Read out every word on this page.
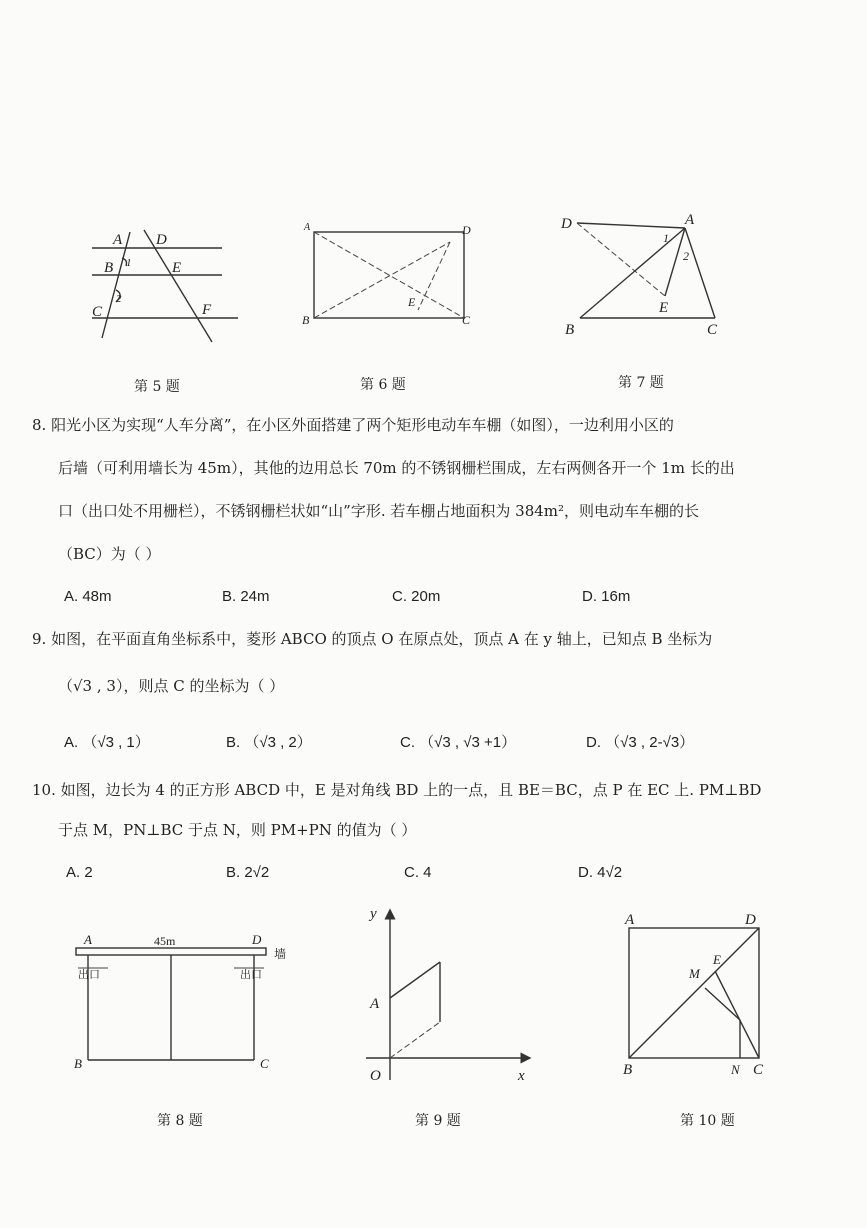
A D
B	E
C	F
1
2
第 5 题
A	D
B	C
E
第 6 题
D	A
1
2
B
E
C
第 7 题
8. 阳光小区为实现“人车分离”，在小区外面搭建了两个矩形电动车车棚（如图），一边利用小区的
后墙（可利用墙长为 45m），其他的边用总长 70m 的不锈钢栅栏围成，左右两侧各开一个 1m 长的出
口（出口处不用栅栏），不锈钢栅栏状如“山”字形. 若车棚占地面积为 384m²，则电动车车棚的长
（BC）为（ ）
A. 48m	B. 24m	C. 20m	D. 16m
9. 如图，在平面直角坐标系中，菱形 ABCO 的顶点 O 在原点处，顶点 A 在 y 轴上，已知点 B 坐标为
（√3 , 3），则点 C 的坐标为（ ）
A. （√3 , 1）	B. （√3 , 2）	C. （√3 , √3 +1）	D. （√3 , 2-√3）
10. 如图，边长为 4 的正方形 ABCD 中，E 是对角线 BD 上的一点，且 BE＝BC，点 P 在 EC 上. PM⊥BD
于点 M，PN⊥BC 于点 N，则 PM+PN 的值为（ ）
A. 2	B. 2√2	C. 4	D. 4√2
A	45m	D
墙
出口	出口
B	C
第 8 题
y
A
O	x
第 9 题
A	D
E
M
B	N C
第 10 题
